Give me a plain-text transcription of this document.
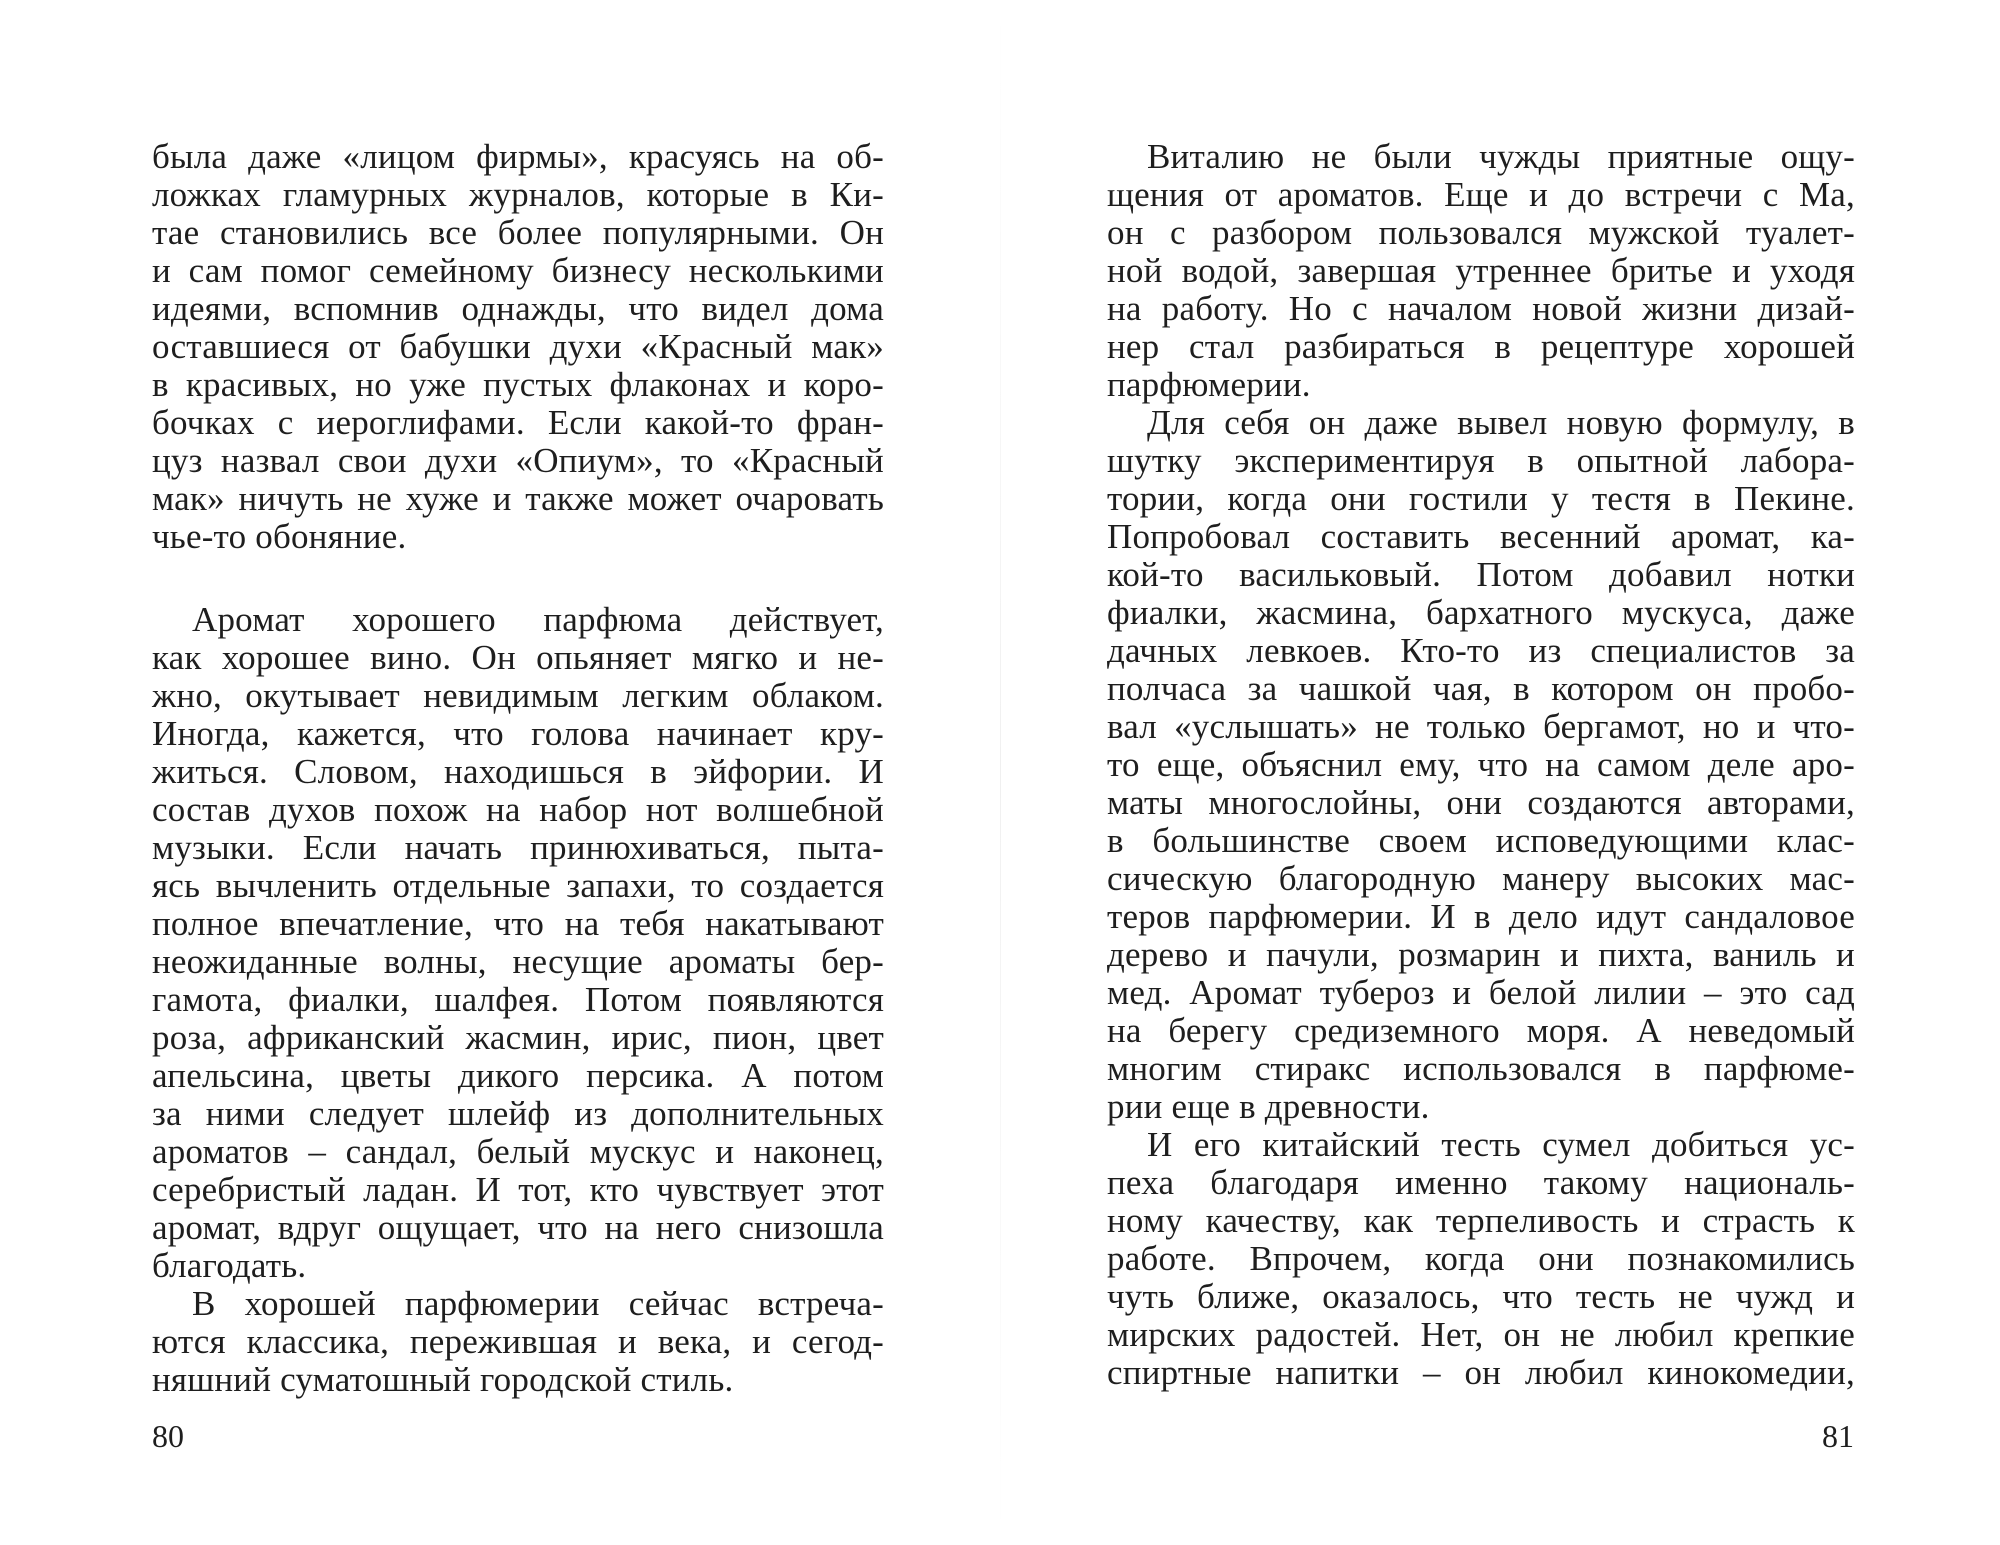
была даже «лицом фирмы», красуясь на об-
ложках гламурных журналов, которые в Ки-
тае становились все более популярными. Он
и сам помог семейному бизнесу несколькими
идеями, вспомнив однажды, что видел дома
оставшиеся от бабушки духи «Красный мак»
в красивых, но уже пустых флаконах и коро-
бочках с иероглифами. Если какой-то фран-
цуз назвал свои духи «Опиум», то «Красный
мак» ничуть не хуже и также может очаровать
чье-то обоняние.
Аромат хорошего парфюма действует,
как хорошее вино. Он опьяняет мягко и не-
жно, окутывает невидимым легким облаком.
Иногда, кажется, что голова начинает кру-
житься. Словом, находишься в эйфории. И
состав духов похож на набор нот волшебной
музыки. Если начать принюхиваться, пыта-
ясь вычленить отдельные запахи, то создается
полное впечатление, что на тебя накатывают
неожиданные волны, несущие ароматы бер-
гамота, фиалки, шалфея. Потом появляются
роза, африканский жасмин, ирис, пион, цвет
апельсина, цветы дикого персика. А потом
за ними следует шлейф из дополнительных
ароматов – сандал, белый мускус и наконец,
серебристый ладан. И тот, кто чувствует этот
аромат, вдруг ощущает, что на него снизошла
благодать.
В хорошей парфюмерии сейчас встреча-
ются классика, пережившая и века, и сегод-
няшний суматошный городской стиль.
Виталию не были чужды приятные ощу-
щения от ароматов. Еще и до встречи с Ма,
он с разбором пользовался мужской туалет-
ной водой, завершая утреннее бритье и уходя
на работу. Но с началом новой жизни дизай-
нер стал разбираться в рецептуре хорошей
парфюмерии.
Для себя он даже вывел новую формулу, в
шутку экспериментируя в опытной лабора-
тории, когда они гостили у тестя в Пекине.
Попробовал составить весенний аромат, ка-
кой-то васильковый. Потом добавил нотки
фиалки, жасмина, бархатного мускуса, даже
дачных левкоев. Кто-то из специалистов за
полчаса за чашкой чая, в котором он пробо-
вал «услышать» не только бергамот, но и что-
то еще, объяснил ему, что на самом деле аро-
маты многослойны, они создаются авторами,
в большинстве своем исповедующими клас-
сическую благородную манеру высоких мас-
теров парфюмерии. И в дело идут сандаловое
дерево и пачули, розмарин и пихта, ваниль и
мед. Аромат туберoз и белой лилии – это сад
на берегу средиземного моря. А неведомый
многим стиракс использовался в парфюме-
рии еще в древности.
И его китайский тесть сумел добиться ус-
пеха благодаря именно такому националь-
ному качеству, как терпеливость и страсть к
работе. Впрочем, когда они познакомились
чуть ближе, оказалось, что тесть не чужд и
мирских радостей. Нет, он не любил крепкие
спиртные напитки – он любил кинокомедии,
80	81
